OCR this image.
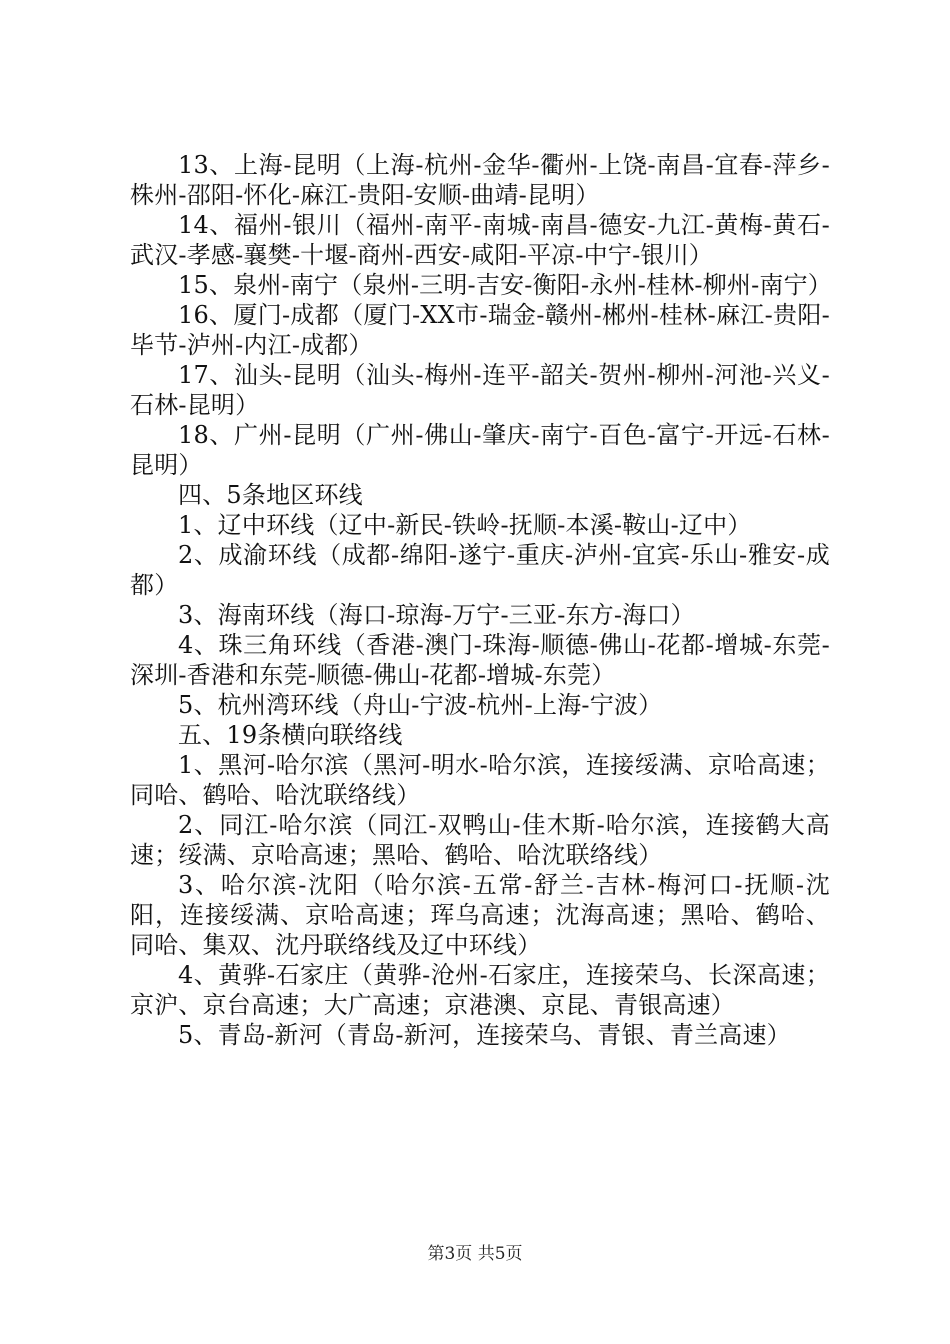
13、上海-昆明（上海-杭州-金华-衢州-上饶-南昌-宜春-萍乡-株州-邵阳-怀化-麻江-贵阳-安顺-曲靖-昆明）

14、福州-银川（福州-南平-南城-南昌-德安-九江-黄梅-黄石-武汉-孝感-襄樊-十堰-商州-西安-咸阳-平凉-中宁-银川）

15、泉州-南宁（泉州-三明-吉安-衡阳-永州-桂林-柳州-南宁）

16、厦门-成都（厦门-XX市-瑞金-赣州-郴州-桂林-麻江-贵阳-毕节-泸州-内江-成都）

17、汕头-昆明（汕头-梅州-连平-韶关-贺州-柳州-河池-兴义-石林-昆明）

18、广州-昆明（广州-佛山-肇庆-南宁-百色-富宁-开远-石林-昆明）

四、5条地区环线

1、辽中环线（辽中-新民-铁岭-抚顺-本溪-鞍山-辽中）

2、成渝环线（成都-绵阳-遂宁-重庆-泸州-宜宾-乐山-雅安-成都）

3、海南环线（海口-琼海-万宁-三亚-东方-海口）

4、珠三角环线（香港-澳门-珠海-顺德-佛山-花都-增城-东莞-深圳-香港和东莞-顺德-佛山-花都-增城-东莞）

5、杭州湾环线（舟山-宁波-杭州-上海-宁波）

五、19条横向联络线

1、黑河-哈尔滨（黑河-明水-哈尔滨，连接绥满、京哈高速；同哈、鹤哈、哈沈联络线）

2、同江-哈尔滨（同江-双鸭山-佳木斯-哈尔滨，连接鹤大高速；绥满、京哈高速；黑哈、鹤哈、哈沈联络线）

3、哈尔滨-沈阳（哈尔滨-五常-舒兰-吉林-梅河口-抚顺-沈阳，连接绥满、京哈高速；珲乌高速；沈海高速；黑哈、鹤哈、同哈、集双、沈丹联络线及辽中环线）

4、黄骅-石家庄（黄骅-沧州-石家庄，连接荣乌、长深高速；京沪、京台高速；大广高速；京港澳、京昆、青银高速）

5、青岛-新河（青岛-新河，连接荣乌、青银、青兰高速）

第3页 共5页
